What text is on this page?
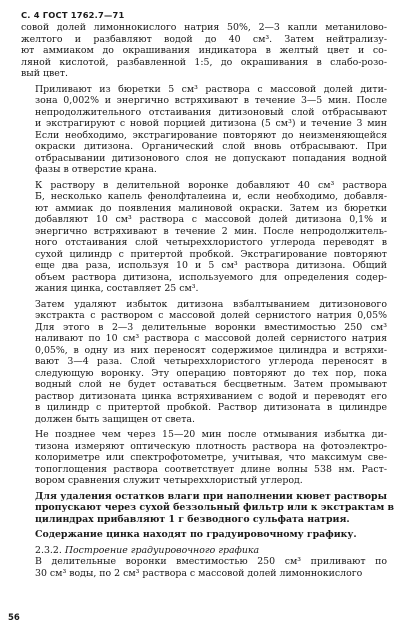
С. 4 ГОСТ 1762.7—71

совой долей лимоннокислого натрия 50%, 2—3 капли метанилово-
желтого и разбавляют водой до 40 см³. Затем нейтрализу-
ют аммиаком до окрашивания индикатора в желтый цвет и со-
ляной кислотой, разбавленной 1:5, до окрашивания в слабо-розо-
вый цвет.

Приливают из бюретки 5 см³ раствора с массовой долей дити-
зона 0,002% и энергично встряхивают в течение 3—5 мин. После
непродолжительного отстаивания дитизоновый слой отбрасывают
и экстрагируют с новой порцией дитизона (5 см³) и течение 3 мин
Если необходимо, экстрагирование повторяют до неизменяющейся
окраски дитизона. Органический слой вновь отбрасывают. При
отбрасывании дитизонового слоя не допускают попадания водной
фазы в отверстие крана.

К раствору в делительной воронке добавляют 40 см³ раствора
Б, несколько капель фенолфталеина и, если необходимо, добавля-
ют аммиак до появления малиновой окраски. Затем из бюретки
добавляют 10 см³ раствора с массовой долей дитизона 0,1% и
энергично встряхивают в течение 2 мин. После непродолжитель-
ного отстаивания слой четыреххлористого углерода переводят в
сухой цилиндр с притертой пробкой. Экстрагирование повторяют
еще два раза, используя 10 и 5 см³ раствора дитизона. Общий
объем раствора дитизона, используемого для определения содер-
жания цинка, составляет 25 см³.

Затем удаляют избыток дитизона взбалтыванием дитизонового
экстракта с раствором с массовой долей сернистого натрия 0,05%
Для этого в 2—3 делительные воронки вместимостью 250 см³
наливают по 10 см³ раствора с массовой долей сернистого натрия
0,05%, в одну из них переносят содержимое цилиндра и встряхи-
вают 3—4 раза. Слой четыреххлористого углерода переносят в
следующую воронку. Эту операцию повторяют до тех пор, пока
водный слой не будет оставаться бесцветным. Затем промывают
раствор дитизоната цинка встряхиванием с водой и переводят его
в цилиндр с притертой пробкой. Раствор дитизоната в цилиндре
должен быть защищен от света.

Не позднее чем через 15—20 мин после отмывания избытка ди-
тизона измеряют оптическую плотность раствора на фотоэлектро-
колориметре или спектрофотометре, учитывая, что максимум све-
топоглощения раствора соответствует длине волны 538 нм. Раст-
вором сравнения служит четыреххлористый углерод.

Для удаления остатков влаги при наполнении кювет растворы
пропускают через сухой беззольный фильтр или к экстрактам в
цилиндрах прибавляют 1 г безводного сульфата натрия.

Содержание цинка находят по градуировочному графику.

2.3.2. Построение градуировочного графика

В делительные воронки вместимостью 250 см³ приливают по
30 см³ воды, по 2 см³ раствора с массовой долей лимоннокислого

56
